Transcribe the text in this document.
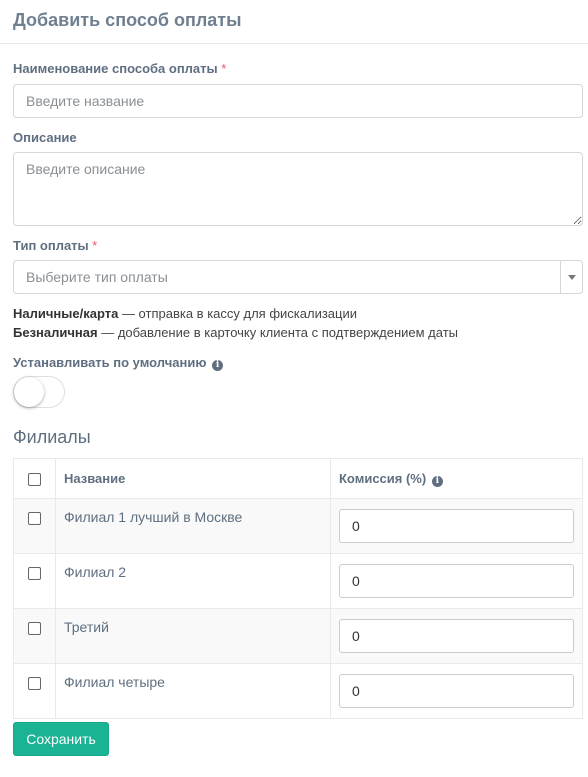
Добавить способ оплаты
Наименование способа оплаты *
Введите название
Описание
Введите описание
Тип оплаты *
Выберите тип оплаты
Наличные/карта — отправка в кассу для фискализации
Безналичная — добавление в карточку клиента с подтверждением даты
Устанавливать по умолчанию i
Филиалы
	Название	Комиссия (%) i
	Филиал 1 лучший в Москве	0
	Филиал 2	0
	Третий	0
	Филиал четыре	0
Сохранить
